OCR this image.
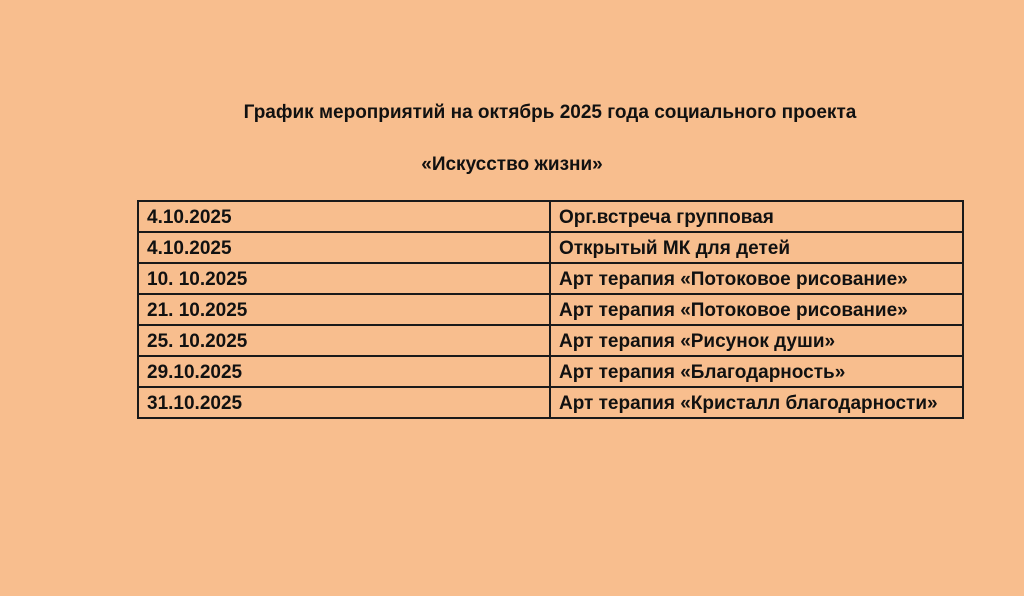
График мероприятий на октябрь 2025 года социального проекта
«Искусство жизни»
4.10.2025	Орг.встреча групповая
4.10.2025	Открытый МК для детей
10. 10.2025	Арт терапия «Потоковое рисование»
21. 10.2025	Арт терапия «Потоковое рисование»
25. 10.2025	Арт терапия «Рисунок души»
29.10.2025	Арт терапия «Благодарность»
31.10.2025	Арт терапия «Кристалл благодарности»
